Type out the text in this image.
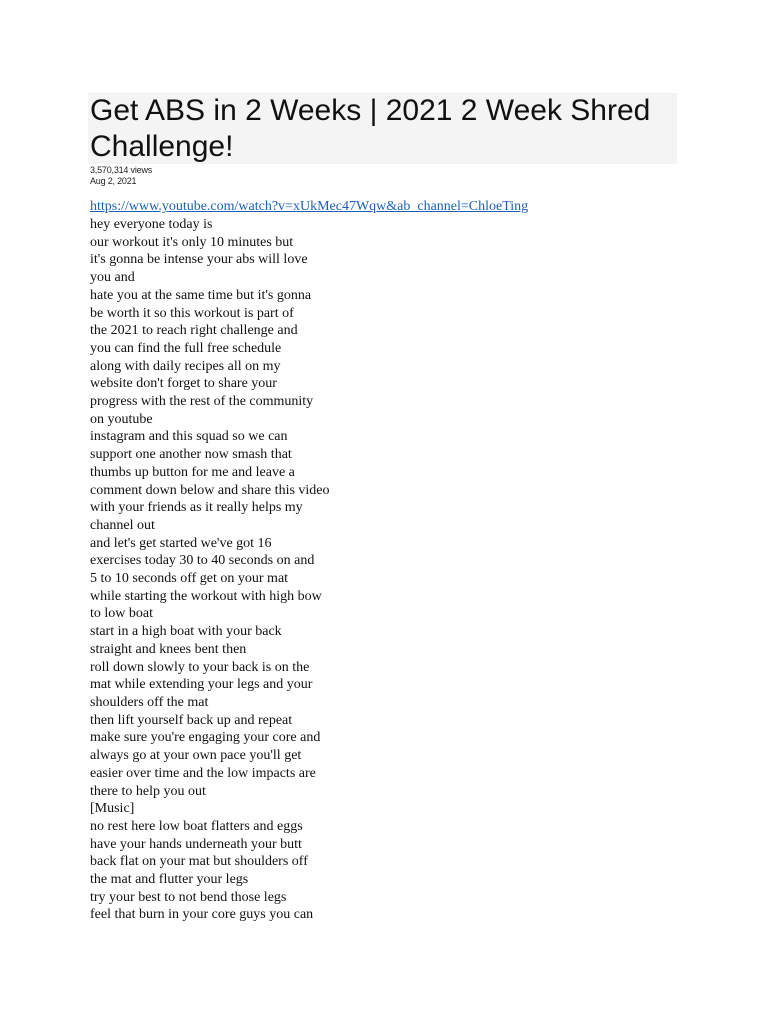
Get ABS in 2 Weeks | 2021 2 Week Shred Challenge!
3,570,314 views
Aug 2, 2021
https://www.youtube.com/watch?v=xUkMec47Wqw&ab_channel=ChloeTing
hey everyone today is
our workout it's only 10 minutes but
it's gonna be intense your abs will love
you and
hate you at the same time but it's gonna
be worth it so this workout is part of
the 2021 to reach right challenge and
you can find the full free schedule
along with daily recipes all on my
website don't forget to share your
progress with the rest of the community
on youtube
instagram and this squad so we can
support one another now smash that
thumbs up button for me and leave a
comment down below and share this video
with your friends as it really helps my
channel out
and let's get started we've got 16
exercises today 30 to 40 seconds on and
5 to 10 seconds off get on your mat
while starting the workout with high bow
to low boat
start in a high boat with your back
straight and knees bent then
roll down slowly to your back is on the
mat while extending your legs and your
shoulders off the mat
then lift yourself back up and repeat
make sure you're engaging your core and
always go at your own pace you'll get
easier over time and the low impacts are
there to help you out
[Music]
no rest here low boat flatters and eggs
have your hands underneath your butt
back flat on your mat but shoulders off
the mat and flutter your legs
try your best to not bend those legs
feel that burn in your core guys you can
